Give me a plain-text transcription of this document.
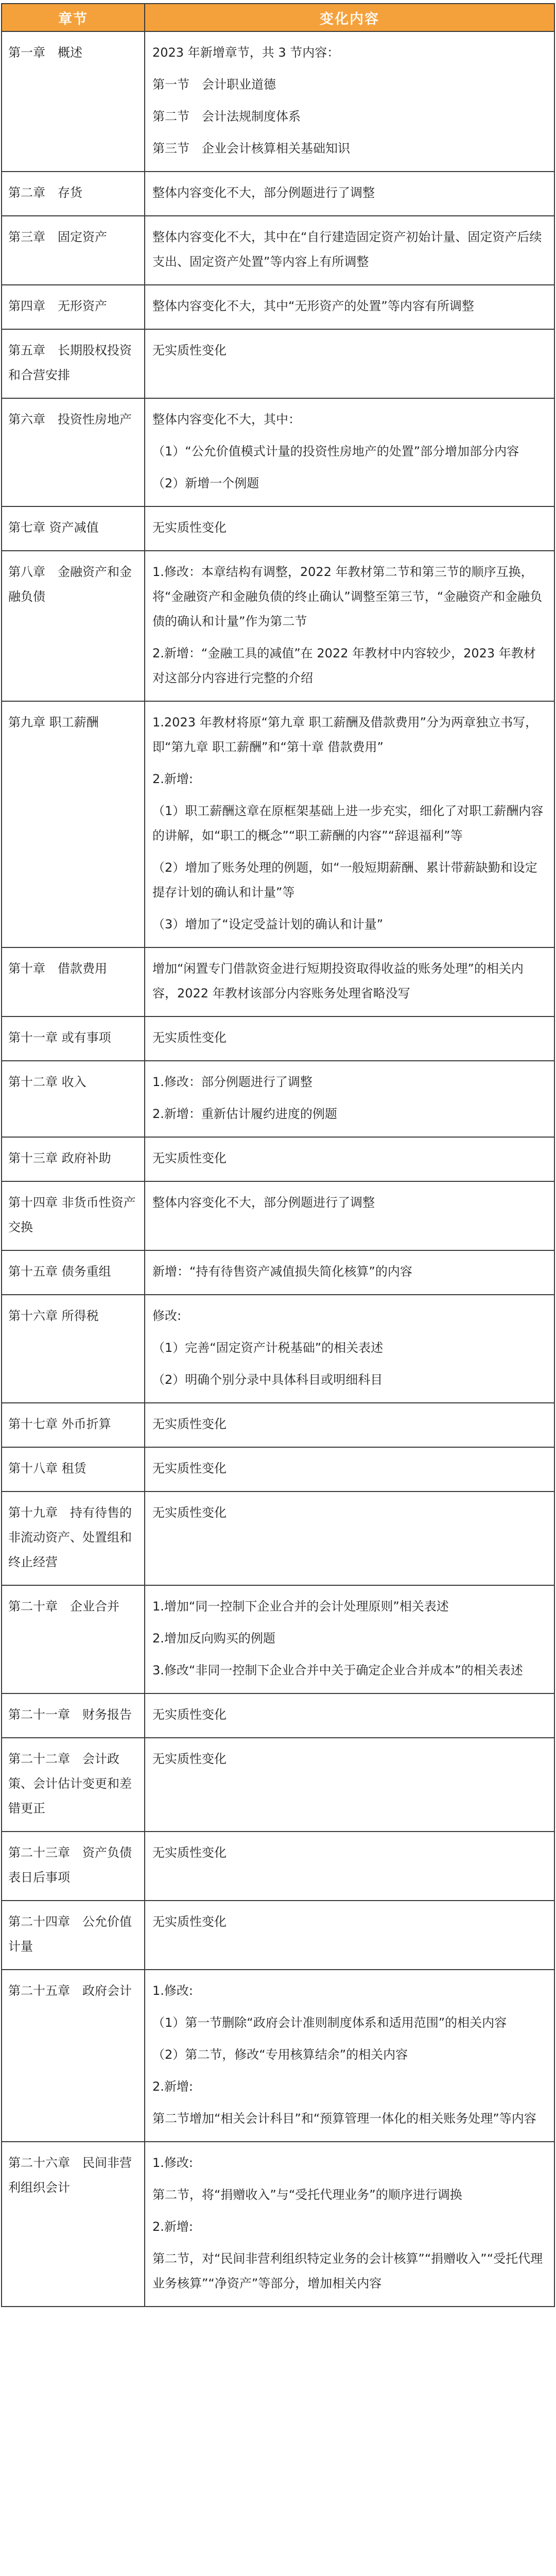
章节	变化内容
第一章　概述	2023 年新增章节，共 3 节内容：
第一节　会计职业道德
第二节　会计法规制度体系
第三节　企业会计核算相关基础知识

第二章　存货	整体内容变化不大，部分例题进行了调整

第三章　固定资产	整体内容变化不大，其中在“自行建造固定资产初始计量、固定资产后续支出、固定资产处置”等内容上有所调整

第四章　无形资产	整体内容变化不大，其中“无形资产的处置”等内容有所调整

第五章　长期股权投资和合营安排	无实质性变化

第六章　投资性房地产	整体内容变化不大，其中：
（1）“公允价值模式计量的投资性房地产的处置”部分增加部分内容
（2）新增一个例题

第七章 资产减值	无实质性变化

第八章　金融资产和金融负债	1.修改：本章结构有调整，2022 年教材第二节和第三节的顺序互换，将“金融资产和金融负债的终止确认”调整至第三节，“金融资产和金融负债的确认和计量”作为第二节
2.新增：“金融工具的减值”在 2022 年教材中内容较少，2023 年教材对这部分内容进行完整的介绍

第九章 职工薪酬	1.2023 年教材将原“第九章 职工薪酬及借款费用”分为两章独立书写，即“第九章 职工薪酬”和“第十章 借款费用”
2.新增:
（1）职工薪酬这章在原框架基础上进一步充实，细化了对职工薪酬内容的讲解，如“职工的概念”“职工薪酬的内容”“辞退福利”等
（2）增加了账务处理的例题，如“一般短期薪酬、累计带薪缺勤和设定提存计划的确认和计量”等
（3）增加了“设定受益计划的确认和计量”

第十章　借款费用	增加“闲置专门借款资金进行短期投资取得收益的账务处理”的相关内容，2022 年教材该部分内容账务处理省略没写

第十一章 或有事项	无实质性变化

第十二章 收入	1.修改：部分例题进行了调整
2.新增：重新估计履约进度的例题

第十三章 政府补助	无实质性变化

第十四章 非货币性资产交换	整体内容变化不大，部分例题进行了调整

第十五章 债务重组	新增：“持有待售资产减值损失简化核算”的内容

第十六章 所得税	修改:
（1）完善“固定资产计税基础”的相关表述
（2）明确个别分录中具体科目或明细科目

第十七章 外币折算	无实质性变化

第十八章 租赁	无实质性变化

第十九章　持有待售的非流动资产、处置组和终止经营	无实质性变化

第二十章　企业合并	1.增加“同一控制下企业合并的会计处理原则”相关表述
2.增加反向购买的例题
3.修改“非同一控制下企业合并中关于确定企业合并成本”的相关表述

第二十一章　财务报告	无实质性变化

第二十二章　会计政策、会计估计变更和差错更正	无实质性变化

第二十三章　资产负债表日后事项	无实质性变化

第二十四章　公允价值计量	无实质性变化

第二十五章　政府会计	1.修改:
（1）第一节删除“政府会计准则制度体系和适用范围”的相关内容
（2）第二节，修改“专用核算结余”的相关内容
2.新增:
第二节增加“相关会计科目”和“预算管理一体化的相关账务处理”等内容

第二十六章　民间非营利组织会计	1.修改:
第二节，将“捐赠收入”与“受托代理业务”的顺序进行调换
2.新增:
第二节，对“民间非营利组织特定业务的会计核算”“捐赠收入”“受托代理业务核算”“净资产”等部分，增加相关内容
